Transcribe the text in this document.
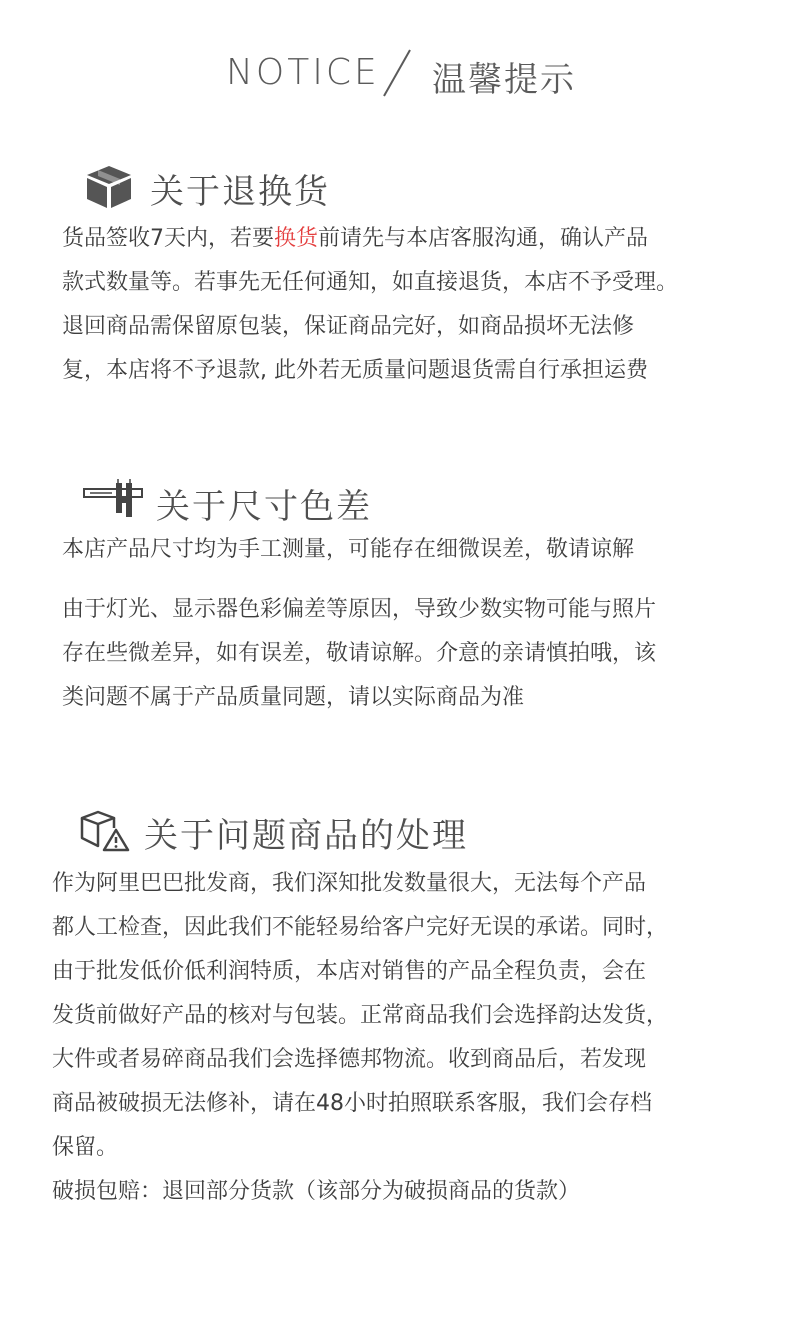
NOTICE 温馨提示
关于退换货
货品签收7天内，若要换货前请先与本店客服沟通，确认产品
款式数量等。若事先无任何通知，如直接退货，本店不予受理。
退回商品需保留原包装，保证商品完好，如商品损坏无法修
复，本店将不予退款, 此外若无质量问题退货需自行承担运费
关于尺寸色差
本店产品尺寸均为手工测量，可能存在细微误差，敬请谅解
由于灯光、显示器色彩偏差等原因，导致少数实物可能与照片
存在些微差异，如有误差，敬请谅解。介意的亲请慎拍哦，该
类问题不属于产品质量同题，请以实际商品为准
关于问题商品的处理
作为阿里巴巴批发商，我们深知批发数量很大，无法每个产品
都人工检查，因此我们不能轻易给客户完好无误的承诺。同时，
由于批发低价低利润特质，本店对销售的产品全程负责，会在
发货前做好产品的核对与包装。正常商品我们会选择韵达发货，
大件或者易碎商品我们会选择德邦物流。收到商品后，若发现
商品被破损无法修补，请在48小时拍照联系客服，我们会存档
保留。
破损包赔：退回部分货款（该部分为破损商品的货款）
